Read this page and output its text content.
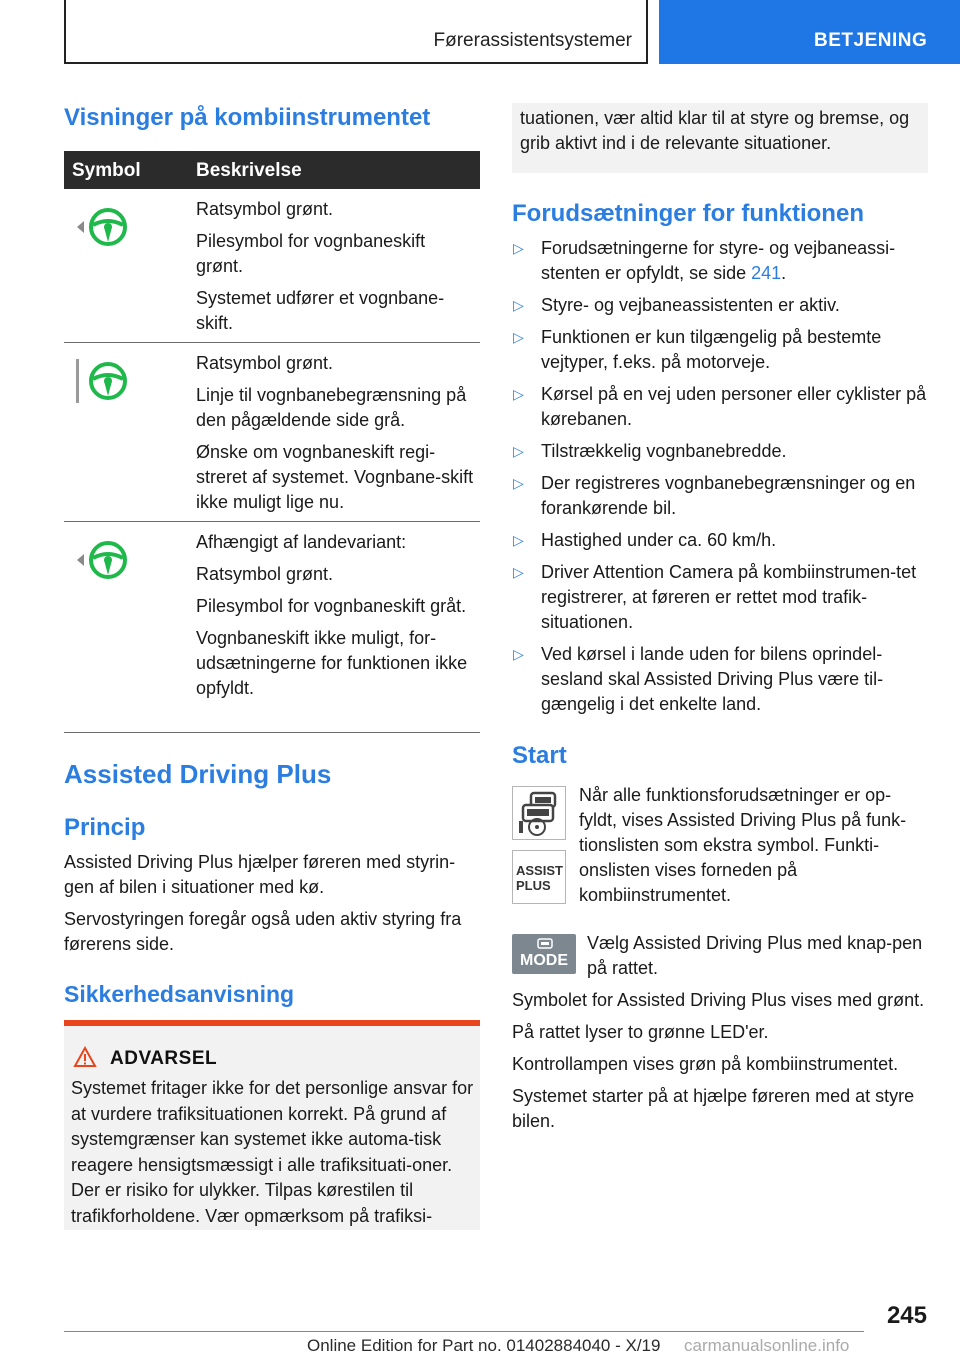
Førerassistentsystemer	BETJENING
Visninger på kombiinstrumentet
Symbol	Beskrivelse

Ratsymbol grønt.

Pilesymbol for vognbaneskift grønt.

Systemet udfører et vognbane-skift.

Ratsymbol grønt.

Linje til vognbanebegrænsning på den pågældende side grå.

Ønske om vognbaneskift regi-streret af systemet. Vognbane-skift ikke muligt lige nu.

Afhængigt af landevariant:

Ratsymbol grønt.

Pilesymbol for vognbaneskift gråt.

Vognbaneskift ikke muligt, for-udsætningerne for funktionen ikke opfyldt.

Assisted Driving Plus
Princip

Assisted Driving Plus hjælper føreren med styrin-gen af bilen i situationer med kø.

Servostyringen foregår også uden aktiv styring fra førerens side.

Sikkerhedsanvisning
ADVARSEL
Systemet fritager ikke for det personlige ansvar for at vurdere trafiksituationen korrekt. På grund af systemgrænser kan systemet ikke automa-tisk reagere hensigtsmæssigt i alle trafiksituati-oner. Der er risiko for ulykker. Tilpas kørestilen til trafikforholdene. Vær opmærksom på trafiksi-
tuationen, vær altid klar til at styre og bremse, og grib aktivt ind i de relevante situationer.
Forudsætninger for funktionen
▷ Forudsætningerne for styre- og vejbaneassi-stenten er opfyldt, se side 241.
▷ Styre- og vejbaneassistenten er aktiv.
▷ Funktionen er kun tilgængelig på bestemte vejtyper, f.eks. på motorveje.
▷ Kørsel på en vej uden personer eller cyklister på kørebanen.
▷ Tilstrækkelig vognbanebredde.
▷ Der registreres vognbanebegrænsninger og en forankørende bil.
▷ Hastighed under ca. 60 km/h.
▷ Driver Attention Camera på kombiinstrumen-tet registrerer, at føreren er rettet mod trafik-situationen.
▷ Ved kørsel i lande uden for bilens oprindel-sesland skal Assisted Driving Plus være til-gængelig i det enkelte land.
Start
ASSIST
PLUS
Når alle funktionsforudsætninger er op-fyldt, vises Assisted Driving Plus på funk-tionslisten som ekstra symbol. Funkti-onslisten vises forneden på kombiinstrumentet.
MODE
Vælg Assisted Driving Plus med knap-pen på rattet.

Symbolet for Assisted Driving Plus vises med grønt.

På rattet lyser to grønne LED'er.

Kontrollampen vises grøn på kombiinstrumentet.

Systemet starter på at hjælpe føreren med at styre bilen.

245
Online Edition for Part no. 01402884040 - X/19 carmanualsonline.info
